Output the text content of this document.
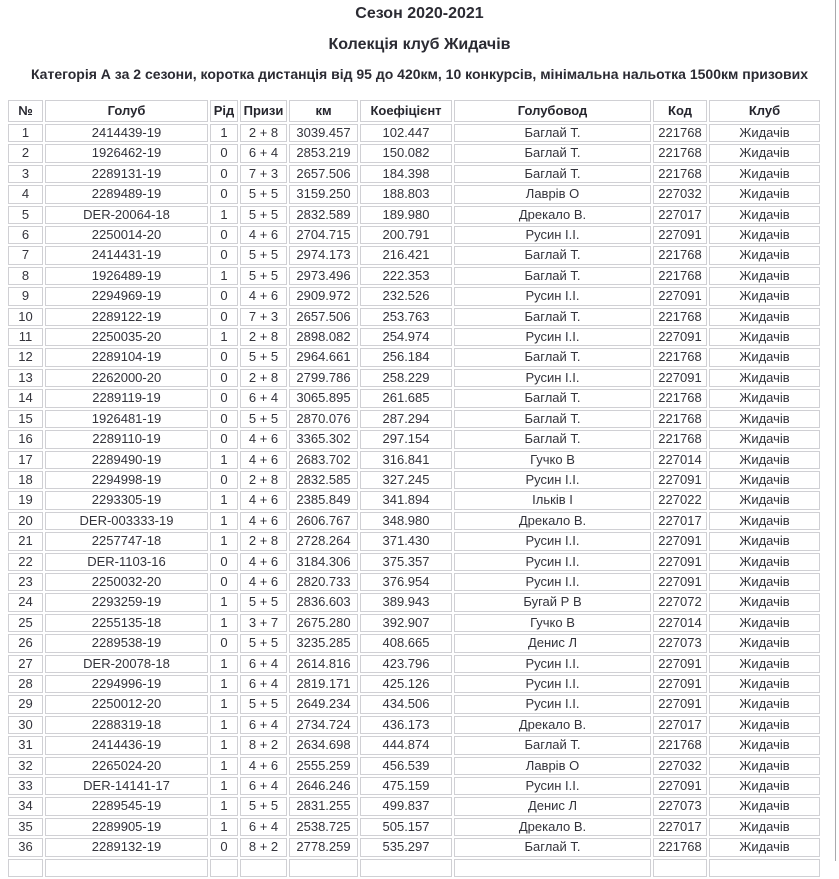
Сезон 2020-2021
Колекція клуб Жидачів
Категорія А за 2 сезони, коротка дистанція від 95 до 420км, 10 конкурсів, мінімальна нальотка 1500км призових
№	Голуб	Рід	Призи	км	Коефіцієнт	Голубовод	Код	Клуб
1	2414439-19	1	2 + 8	3039.457	102.447	Баглай Т.	221768	Жидачів
2	1926462-19	0	6 + 4	2853.219	150.082	Баглай Т.	221768	Жидачів
3	2289131-19	0	7 + 3	2657.506	184.398	Баглай Т.	221768	Жидачів
4	2289489-19	0	5 + 5	3159.250	188.803	Лаврів О	227032	Жидачів
5	DER-20064-18	1	5 + 5	2832.589	189.980	Дрекало В.	227017	Жидачів
6	2250014-20	0	4 + 6	2704.715	200.791	Русин І.І.	227091	Жидачів
7	2414431-19	0	5 + 5	2974.173	216.421	Баглай Т.	221768	Жидачів
8	1926489-19	1	5 + 5	2973.496	222.353	Баглай Т.	221768	Жидачів
9	2294969-19	0	4 + 6	2909.972	232.526	Русин І.І.	227091	Жидачів
10	2289122-19	0	7 + 3	2657.506	253.763	Баглай Т.	221768	Жидачів
11	2250035-20	1	2 + 8	2898.082	254.974	Русин І.І.	227091	Жидачів
12	2289104-19	0	5 + 5	2964.661	256.184	Баглай Т.	221768	Жидачів
13	2262000-20	0	2 + 8	2799.786	258.229	Русин І.І.	227091	Жидачів
14	2289119-19	0	6 + 4	3065.895	261.685	Баглай Т.	221768	Жидачів
15	1926481-19	0	5 + 5	2870.076	287.294	Баглай Т.	221768	Жидачів
16	2289110-19	0	4 + 6	3365.302	297.154	Баглай Т.	221768	Жидачів
17	2289490-19	1	4 + 6	2683.702	316.841	Гучко В	227014	Жидачів
18	2294998-19	0	2 + 8	2832.585	327.245	Русин І.І.	227091	Жидачів
19	2293305-19	1	4 + 6	2385.849	341.894	Ільків І	227022	Жидачів
20	DER-003333-19	1	4 + 6	2606.767	348.980	Дрекало В.	227017	Жидачів
21	2257747-18	1	2 + 8	2728.264	371.430	Русин І.І.	227091	Жидачів
22	DER-1103-16	0	4 + 6	3184.306	375.357	Русин І.І.	227091	Жидачів
23	2250032-20	0	4 + 6	2820.733	376.954	Русин І.І.	227091	Жидачів
24	2293259-19	1	5 + 5	2836.603	389.943	Бугай Р В	227072	Жидачів
25	2255135-18	1	3 + 7	2675.280	392.907	Гучко В	227014	Жидачів
26	2289538-19	0	5 + 5	3235.285	408.665	Денис Л	227073	Жидачів
27	DER-20078-18	1	6 + 4	2614.816	423.796	Русин І.І.	227091	Жидачів
28	2294996-19	1	6 + 4	2819.171	425.126	Русин І.І.	227091	Жидачів
29	2250012-20	1	5 + 5	2649.234	434.506	Русин І.І.	227091	Жидачів
30	2288319-18	1	6 + 4	2734.724	436.173	Дрекало В.	227017	Жидачів
31	2414436-19	1	8 + 2	2634.698	444.874	Баглай Т.	221768	Жидачів
32	2265024-20	1	4 + 6	2555.259	456.539	Лаврів О	227032	Жидачів
33	DER-14141-17	1	6 + 4	2646.246	475.159	Русин І.І.	227091	Жидачів
34	2289545-19	1	5 + 5	2831.255	499.837	Денис Л	227073	Жидачів
35	2289905-19	1	6 + 4	2538.725	505.157	Дрекало В.	227017	Жидачів
36	2289132-19	0	8 + 2	2778.259	535.297	Баглай Т.	221768	Жидачів
